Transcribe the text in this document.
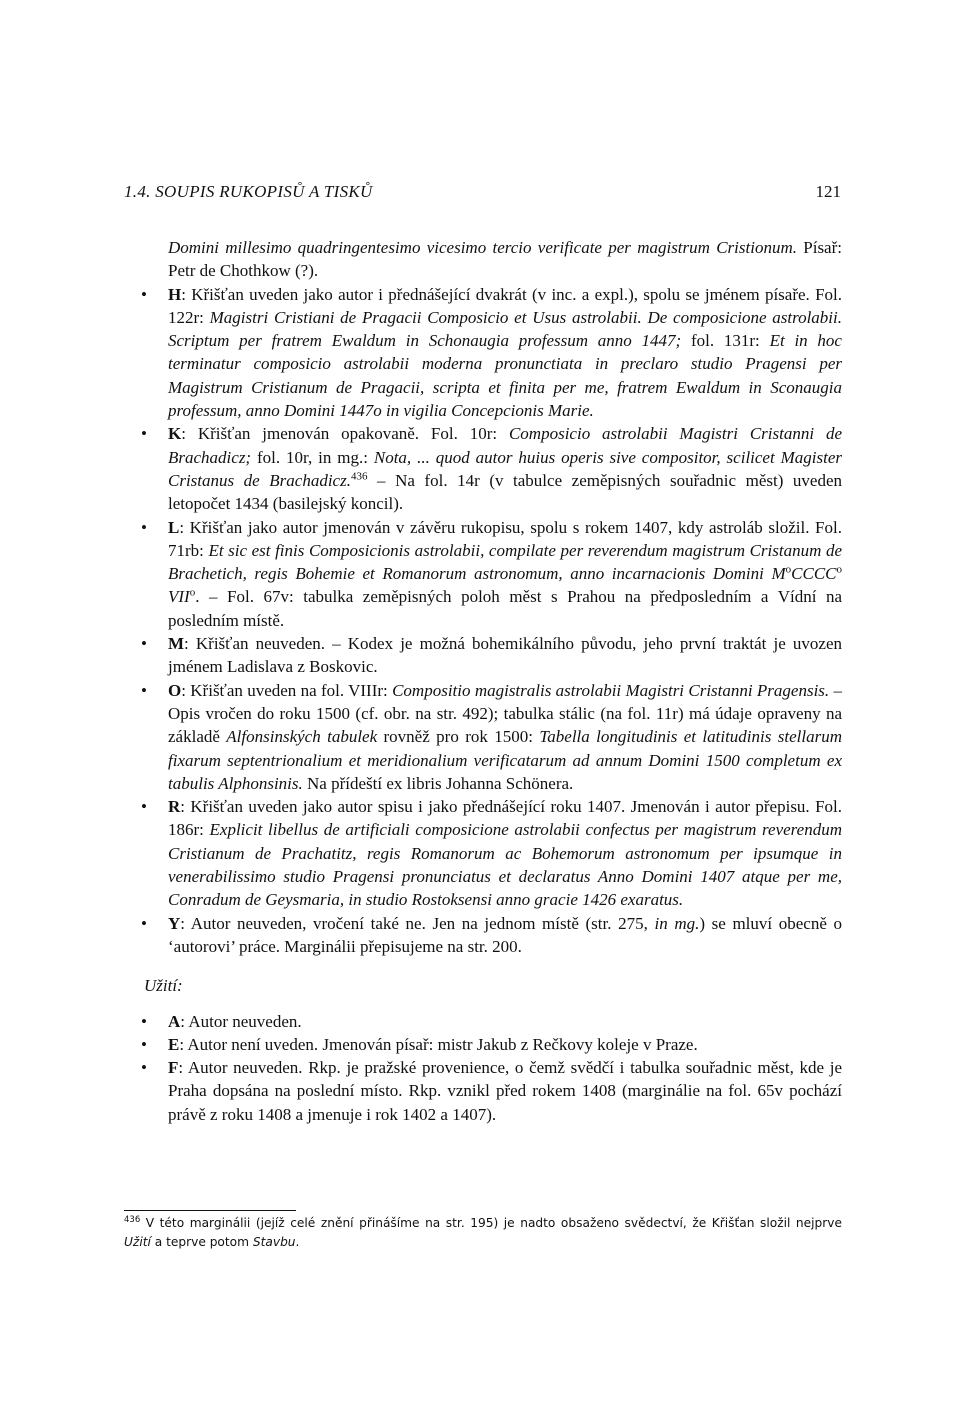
1.4. SOUPIS RUKOPISŮ A TISKŮ	121
Domini millesimo quadringentesimo vicesimo tercio verificate per magistrum Cristionum. Písař: Petr de Chothkow (?).
• H: Křišťan uveden jako autor i přednášející dvakrát (v inc. a expl.), spolu se jménem písaře. Fol. 122r: Magistri Cristiani de Pragacii Composicio et Usus astrolabii. De composicione astrolabii. Scriptum per fratrem Ewaldum in Schonaugia professum anno 1447; fol. 131r: Et in hoc terminatur composicio astrolabii moderna pronunctiata in preclaro studio Pragensi per Magistrum Cristianum de Pragacii, scripta et finita per me, fratrem Ewaldum in Sconaugia professum, anno Domini 1447o in vigilia Concepcionis Marie.
• K: Křišťan jmenován opakovaně. Fol. 10r: Composicio astrolabii Magistri Cristanni de Brachadicz; fol. 10r, in mg.: Nota, ... quod autor huius operis sive compositor, scilicet Magister Cristanus de Brachadicz.$^{436}$ – Na fol. 14r (v tabulce zeměpisných souřadnic měst) uveden letopočet 1434 (basilejský koncil).
• L: Křišťan jako autor jmenován v závěru rukopisu, spolu s rokem 1407, kdy astroláb složil. Fol. 71rb: Et sic est finis Composicionis astrolabii, compilate per reverendum magistrum Cristanum de Brachetich, regis Bohemie et Romanorum astronomum, anno incarnacionis Domini $M^oCCCC^o$ VII$^o$. – Fol. 67v: tabulka zeměpisných poloh měst s Prahou na předposledním a Vídní na posledním místě.
• M: Křišťan neuveden. – Kodex je možná bohemikálního původu, jeho první traktát je uvozen jménem Ladislava z Boskovic.
• O: Křišťan uveden na fol. VIIIr: Compositio magistralis astrolabii Magistri Cristanni Pragensis. – Opis vročen do roku 1500 (cf. obr. na str. 492); tabulka stálic (na fol. 11r) má údaje opraveny na základě Alfonsinských tabulek rovněž pro rok 1500: Tabella longitudinis et latitudinis stellarum fixarum septentrionalium et meridionalium verificatarum ad annum Domini 1500 completum ex tabulis Alphonsinis. Na přídeští ex libris Johanna Schönera.
• R: Křišťan uveden jako autor spisu i jako přednášející roku 1407. Jmenován i autor přepisu. Fol. 186r: Explicit libellus de artificiali composicione astrolabii confectus per magistrum reverendum Cristianum de Prachatitz, regis Romanorum ac Bohemorum astronomum per ipsumque in venerabilissimo studio Pragensi pronunciatus et declaratus Anno Domini 1407 atque per me, Conradum de Geysmaria, in studio Rostoksensi anno gracie 1426 exaratus.
• Y: Autor neuveden, vročení také ne. Jen na jednom místě (str. 275, in mg.) se mluví obecně o ‘autorovi’ práce. Marginálii přepisujeme na str. 200.
Užití:
• A: Autor neuveden.
• E: Autor není uveden. Jmenován písař: mistr Jakub z Rečkovy koleje v Praze.
• F: Autor neuveden. Rkp. je pražské provenience, o čemž svědčí i tabulka souřadnic měst, kde je Praha dopsána na poslední místo. Rkp. vznikl před rokem 1408 (marginálie na fol. 65v pochází právě z roku 1408 a jmenuje i rok 1402 a 1407).
$^{436}$ V této marginálii (jejíž celé znění přinášíme na str. 195) je nadto obsaženo svědectví, že Křišťan složil nejprve Užití a teprve potom Stavbu.
